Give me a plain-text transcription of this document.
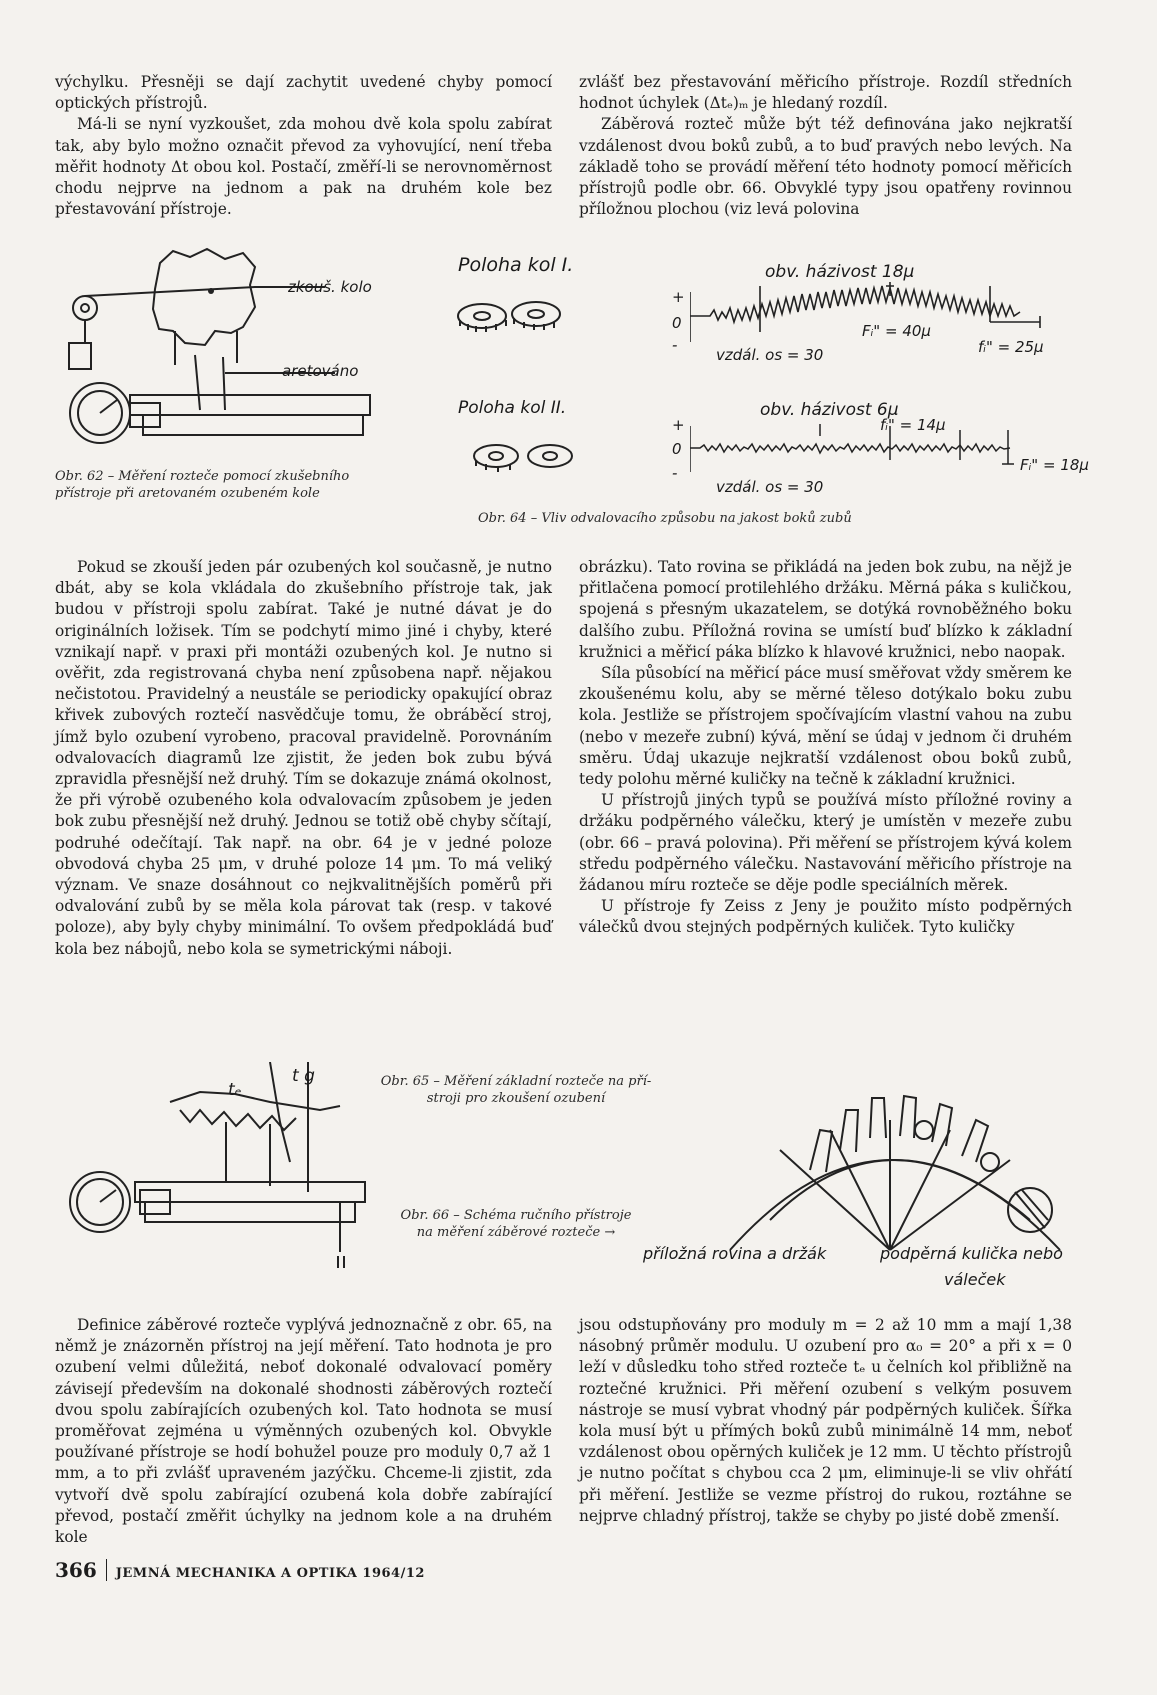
výchylku. Přesněji se dají zachytit uvedené chyby pomocí optických přístrojů.

Má-li se nyní vyzkoušet, zda mohou dvě kola spolu zabírat tak, aby bylo možno označit převod za vyhovující, není třeba měřit hodnoty Δt obou kol. Postačí, změří-li se nerovnoměrnost chodu nejprve na jednom a pak na druhém kole bez přestavování přístroje.

zvlášť bez přestavování měřicího přístroje. Rozdíl středních hodnot úchylek (Δtₑ)ₘ je hledaný rozdíl.

Záběrová rozteč může být též definována jako nejkratší vzdálenost dvou boků zubů, a to buď pravých nebo levých. Na základě toho se provádí měření této hodnoty pomocí měřicích přístrojů podle obr. 66. Obvyklé typy jsou opatřeny rovinnou příložnou plochou (viz levá polovina

zkouš. kolo
aretováno
Obr. 62 – Měření rozteče pomocí zkušebního
přístroje při aretovaném ozubeném kole
Poloha kol I.
Poloha kol II.
obv. házivost 18μ
+
0
-
Fᵢ" = 40μ
fᵢ" = 25μ
vzdál. os = 30
obv. házivost 6μ
+
0
-
fᵢ" = 14μ
Fᵢ" = 18μ
vzdál. os = 30
Obr. 64 – Vliv odvalovacího způsobu na jakost boků zubů

Pokud se zkouší jeden pár ozubených kol současně, je nutno dbát, aby se kola vkládala do zkušebního přístroje tak, jak budou v přístroji spolu zabírat. Také je nutné dávat je do originálních ložisek. Tím se podchytí mimo jiné i chyby, které vznikají např. v praxi při montáži ozubených kol. Je nutno si ověřit, zda registrovaná chyba není způsobena např. nějakou nečistotou. Pravidelný a neustále se periodicky opakující obraz křivek zubových roztečí nasvědčuje tomu, že obráběcí stroj, jímž bylo ozubení vyrobeno, pracoval pravidelně. Porovnáním odvalovacích diagramů lze zjistit, že jeden bok zubu bývá zpravidla přesnější než druhý. Tím se dokazuje známá okolnost, že při výrobě ozubeného kola odvalovacím způsobem je jeden bok zubu přesnější než druhý. Jednou se totiž obě chyby sčítají, podruhé odečítají. Tak např. na obr. 64 je v jedné poloze obvodová chyba 25 μm, v druhé poloze 14 μm. To má veliký význam. Ve snaze dosáhnout co nejkvalitnějších poměrů při odvalování zubů by se měla kola párovat tak (resp. v takové poloze), aby byly chyby minimální. To ovšem předpokládá buď kola bez nábojů, nebo kola se symetrickými náboji.

obrázku). Tato rovina se přikládá na jeden bok zubu, na nějž je přitlačena pomocí protilehlého držáku. Měrná páka s kuličkou, spojená s přesným ukazatelem, se dotýká rovnoběžného boku dalšího zubu. Příložná rovina se umístí buď blízko k základní kružnici a měřicí páka blízko k hlavové kružnici, nebo naopak.

Síla působící na měřicí páce musí směřovat vždy směrem ke zkoušenému kolu, aby se měrné těleso dotýkalo boku zubu kola. Jestliže se přístrojem spočívajícím vlastní vahou na zubu (nebo v mezeře zubní) kývá, mění se údaj v jednom či druhém směru. Údaj ukazuje nejkratší vzdálenost obou boků zubů, tedy polohu měrné kuličky na tečně k základní kružnici.

U přístrojů jiných typů se používá místo příložné roviny a držáku podpěrného válečku, který je umístěn v mezeře zubu (obr. 66 – pravá polovina). Při měření se přístrojem kývá kolem středu podpěrného válečku. Nastavování měřicího přístroje na žádanou míru rozteče se děje podle speciálních měrek.

U přístroje fy Zeiss z Jeny je použito místo podpěrných válečků dvou stejných podpěrných kuliček. Tyto kuličky

tₑ
t g	Obr. 65 – Měření základní rozteče na pří-
stroji pro zkoušení ozubení
Obr. 66 – Schéma ručního přístroje
na měření záběrové rozteče →
příložná rovina a držák	podpěrná kulička nebo
váleček

Definice záběrové rozteče vyplývá jednoznačně z obr. 65, na němž je znázorněn přístroj na její měření. Tato hodnota je pro ozubení velmi důležitá, neboť dokonalé odvalovací poměry závisejí především na dokonalé shodnosti záběrových roztečí dvou spolu zabírajících ozubených kol. Tato hodnota se musí proměřovat zejména u výměnných ozubených kol. Obvykle používané přístroje se hodí bohužel pouze pro moduly 0,7 až 1 mm, a to při zvlášť upraveném jazýčku. Chceme-li zjistit, zda vytvoří dvě spolu zabírající ozubená kola dobře zabírající převod, postačí změřit úchylky na jednom kole a na druhém kole

jsou odstupňovány pro moduly m = 2 až 10 mm a mají 1,38 násobný průměr modulu. U ozubení pro α₀ = 20° a při x = 0 leží v důsledku toho střed rozteče tₑ u čelních kol přibližně na roztečné kružnici. Při měření ozubení s velkým posuvem nástroje se musí vybrat vhodný pár podpěrných kuliček. Šířka kola musí být u přímých boků zubů minimálně 14 mm, neboť vzdálenost obou opěrných kuliček je 12 mm. U těchto přístrojů je nutno počítat s chybou cca 2 μm, eliminuje-li se vliv ohřátí při měření. Jestliže se vezme přístroj do rukou, roztáhne se nejprve chladný přístroj, takže se chyby po jisté době zmenší.

366 JEMNÁ MECHANIKA A OPTIKA 1964/12
